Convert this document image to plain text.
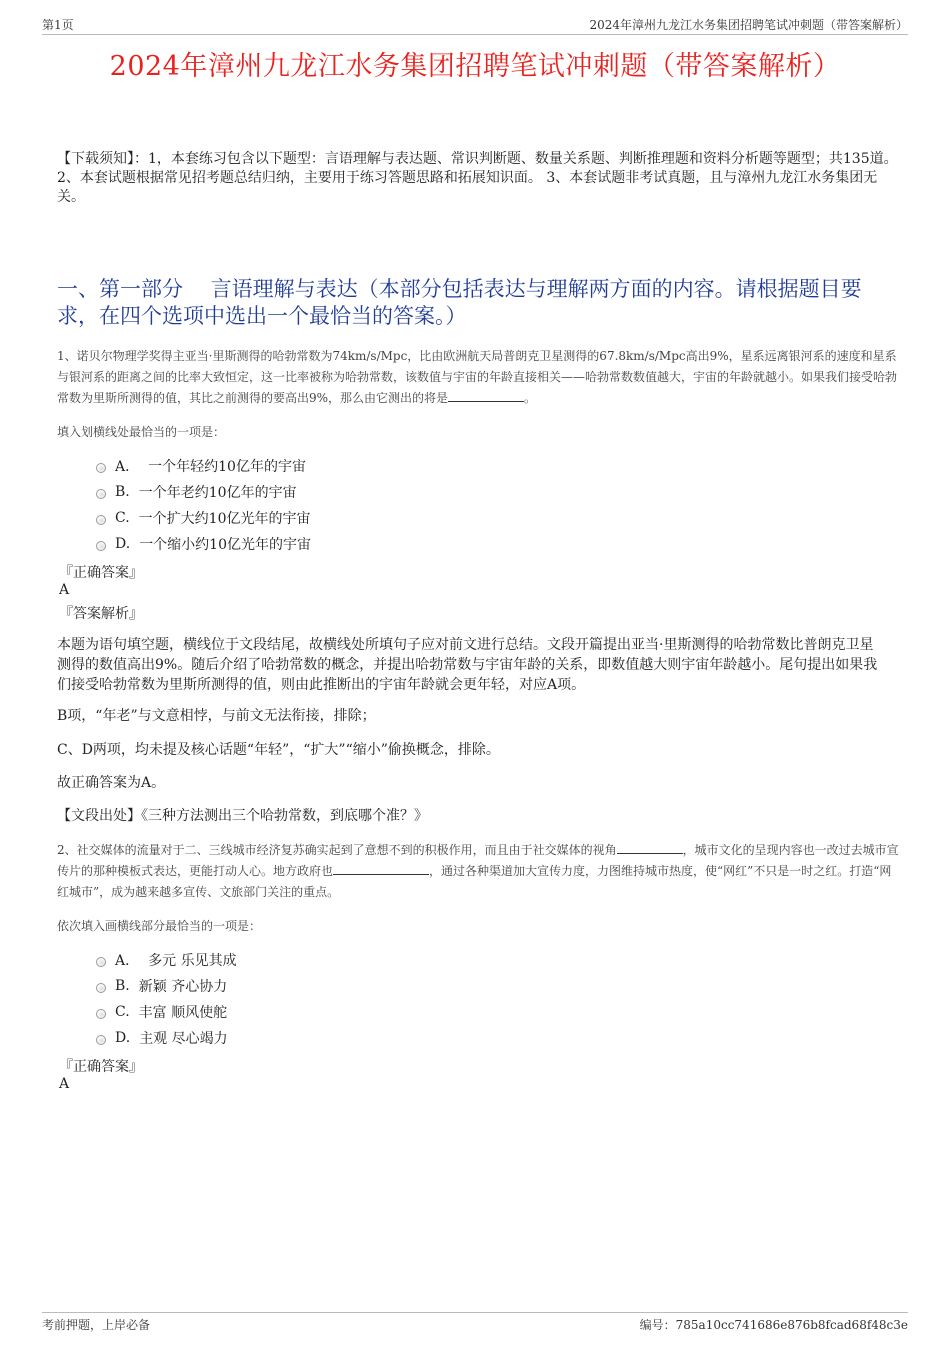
第1页	2024年漳州九龙江水务集团招聘笔试冲刺题（带答案解析）
2024年漳州九龙江水务集团招聘笔试冲刺题（带答案解析）
【下载须知】：1，本套练习包含以下题型：言语理解与表达题、常识判断题、数量关系题、判断推理题和资料分析题等题型；共135道。 2、本套试题根据常见招考题总结归纳，主要用于练习答题思路和拓展知识面。 3、本套试题非考试真题，且与漳州九龙江水务集团无关。
一、第一部分　 言语理解与表达（本部分包括表达与理解两方面的内容。请根据题目要求，在四个选项中选出一个最恰当的答案。）
1、诺贝尔物理学奖得主亚当·里斯测得的哈勃常数为74km/s/Mpc，比由欧洲航天局普朗克卫星测得的67.8km/s/Mpc高出9%，星系远离银河系的速度和星系与银河系的距离之间的比率大致恒定，这一比率被称为哈勃常数，该数值与宇宙的年龄直接相关——哈勃常数数值越大，宇宙的年龄就越小。如果我们接受哈勃常数为里斯所测得的值，其比之前测得的要高出9%，那么由它测出的将是	。
填入划横线处最恰当的一项是：
A． 一个年轻约10亿年的宇宙
B. 一个年老约10亿年的宇宙
C. 一个扩大约10亿光年的宇宙
D. 一个缩小约10亿光年的宇宙
『正确答案』
A
『答案解析』
本题为语句填空题，横线位于文段结尾，故横线处所填句子应对前文进行总结。文段开篇提出亚当·里斯测得的哈勃常数比普朗克卫星测得的数值高出9%。随后介绍了哈勃常数的概念，并提出哈勃常数与宇宙年龄的关系，即数值越大则宇宙年龄越小。尾句提出如果我们接受哈勃常数为里斯所测得的值，则由此推断出的宇宙年龄就会更年轻，对应A项。
B项，“年老”与文意相悖，与前文无法衔接，排除；
C、D两项，均未提及核心话题“年轻”，“扩大”“缩小”偷换概念，排除。
故正确答案为A。
【文段出处】《三种方法测出三个哈勃常数，到底哪个准？》
2、社交媒体的流量对于二、三线城市经济复苏确实起到了意想不到的积极作用，而且由于社交媒体的视角	，城市文化的呈现内容也一改过去城市宣传片的那种模板式表达，更能打动人心。地方政府也	，通过各种渠道加大宣传力度，力图维持城市热度，使“网红”不只是一时之红。打造“网红城市”，成为越来越多宣传、文旅部门关注的重点。
依次填入画横线部分最恰当的一项是：
A． 多元 乐见其成
B. 新颖 齐心协力
C. 丰富 顺风使舵
D. 主观 尽心竭力
『正确答案』
A
考前押题，上岸必备	编号：785a10cc741686e876b8fcad68f48c3e
